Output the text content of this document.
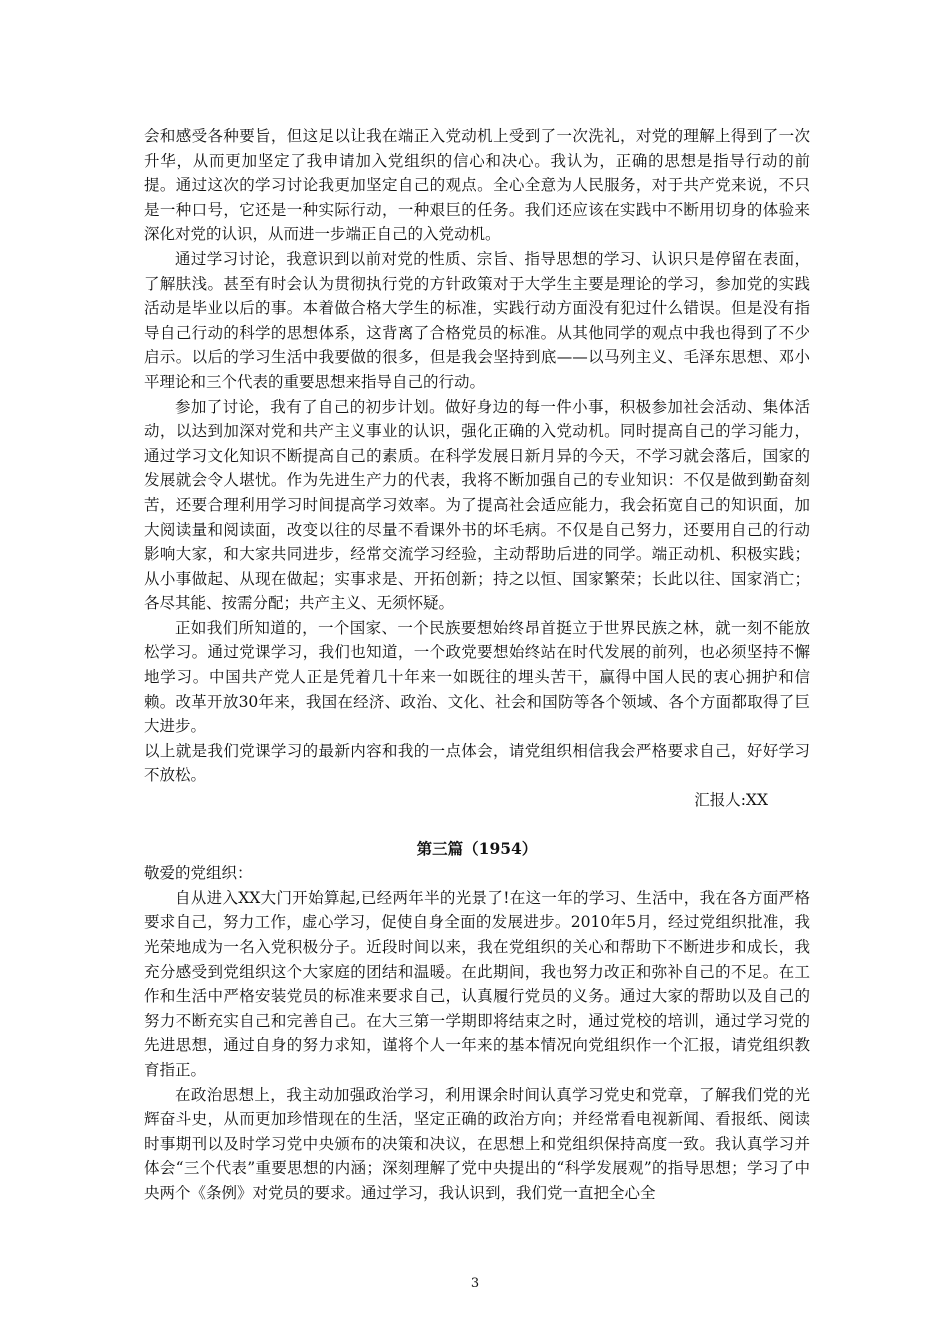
会和感受各种要旨，但这足以让我在端正入党动机上受到了一次洗礼，对党的理解上得到了一次升华，从而更加坚定了我申请加入党组织的信心和决心。我认为，正确的思想是指导行动的前提。通过这次的学习讨论我更加坚定自己的观点。全心全意为人民服务，对于共产党来说，不只是一种口号，它还是一种实际行动，一种艰巨的任务。我们还应该在实践中不断用切身的体验来深化对党的认识，从而进一步端正自己的入党动机。

通过学习讨论，我意识到以前对党的性质、宗旨、指导思想的学习、认识只是停留在表面，了解肤浅。甚至有时会认为贯彻执行党的方针政策对于大学生主要是理论的学习，参加党的实践活动是毕业以后的事。本着做合格大学生的标准，实践行动方面没有犯过什么错误。但是没有指导自己行动的科学的思想体系，这背离了合格党员的标准。从其他同学的观点中我也得到了不少启示。以后的学习生活中我要做的很多，但是我会坚持到底——以马列主义、毛泽东思想、邓小平理论和三个代表的重要思想来指导自己的行动。

参加了讨论，我有了自己的初步计划。做好身边的每一件小事，积极参加社会活动、集体活动，以达到加深对党和共产主义事业的认识，强化正确的入党动机。同时提高自己的学习能力，通过学习文化知识不断提高自己的素质。在科学发展日新月异的今天，不学习就会落后，国家的发展就会令人堪忧。作为先进生产力的代表，我将不断加强自己的专业知识：不仅是做到勤奋刻苦，还要合理利用学习时间提高学习效率。为了提高社会适应能力，我会拓宽自己的知识面，加大阅读量和阅读面，改变以往的尽量不看课外书的坏毛病。不仅是自己努力，还要用自己的行动影响大家，和大家共同进步，经常交流学习经验，主动帮助后进的同学。端正动机、积极实践；从小事做起、从现在做起；实事求是、开拓创新；持之以恒、国家繁荣；长此以往、国家消亡；各尽其能、按需分配；共产主义、无须怀疑。

正如我们所知道的，一个国家、一个民族要想始终昂首挺立于世界民族之林，就一刻不能放松学习。通过党课学习，我们也知道，一个政党要想始终站在时代发展的前列，也必须坚持不懈地学习。中国共产党人正是凭着几十年来一如既往的埋头苦干，赢得中国人民的衷心拥护和信赖。改革开放30年来，我国在经济、政治、文化、社会和国防等各个领域、各个方面都取得了巨大进步。

以上就是我们党课学习的最新内容和我的一点体会，请党组织相信我会严格要求自己，好好学习不放松。

汇报人:XX

第三篇（1954）

敬爱的党组织：

自从进入XX大门开始算起,已经两年半的光景了!在这一年的学习、生活中，我在各方面严格要求自己，努力工作，虚心学习，促使自身全面的发展进步。2010年5月，经过党组织批准，我光荣地成为一名入党积极分子。近段时间以来，我在党组织的关心和帮助下不断进步和成长，我充分感受到党组织这个大家庭的团结和温暖。在此期间，我也努力改正和弥补自己的不足。在工作和生活中严格安装党员的标准来要求自己，认真履行党员的义务。通过大家的帮助以及自己的努力不断充实自己和完善自己。在大三第一学期即将结束之时，通过党校的培训，通过学习党的先进思想，通过自身的努力求知，谨将个人一年来的基本情况向党组织作一个汇报，请党组织教育指正。

在政治思想上，我主动加强政治学习，利用课余时间认真学习党史和党章，了解我们党的光辉奋斗史，从而更加珍惜现在的生活，坚定正确的政治方向；并经常看电视新闻、看报纸、阅读时事期刊以及时学习党中央颁布的决策和决议，在思想上和党组织保持高度一致。我认真学习并体会“三个代表”重要思想的内涵；深刻理解了党中央提出的“科学发展观”的指导思想；学习了中央两个《条例》对党员的要求。通过学习，我认识到，我们党一直把全心全

3
